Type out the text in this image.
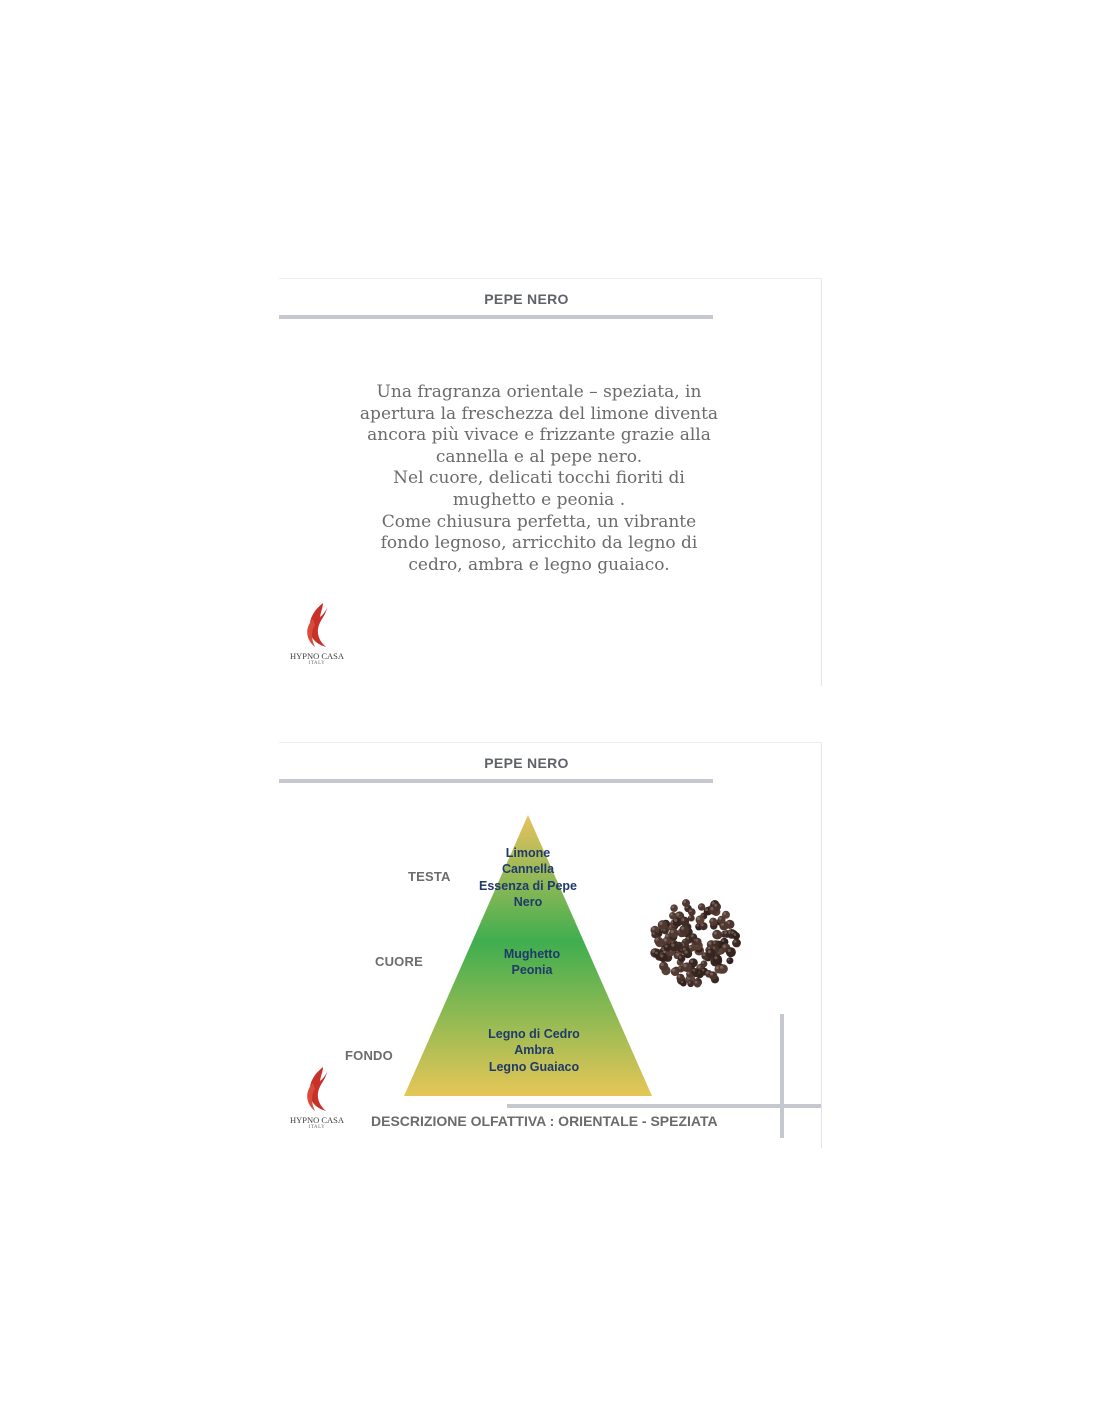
PEPE NERO
Una fragranza orientale – speziata, in
apertura la freschezza del limone diventa
ancora più vivace e frizzante grazie alla
cannella e al pepe nero.
Nel cuore, delicati tocchi fioriti di
mughetto e peonia .
Come chiusura perfetta, un vibrante
fondo legnoso, arricchito da legno di
cedro, ambra e legno guaiaco.
HYPNO CASA
ITALY
PEPE NERO
TESTA
CUORE
FONDO
Limone
Cannella
Essenza di Pepe
Nero
Mughetto
Peonia
Legno di Cedro
Ambra
Legno Guaiaco
DESCRIZIONE OLFATTIVA : ORIENTALE - SPEZIATA
HYPNO CASA
ITALY
